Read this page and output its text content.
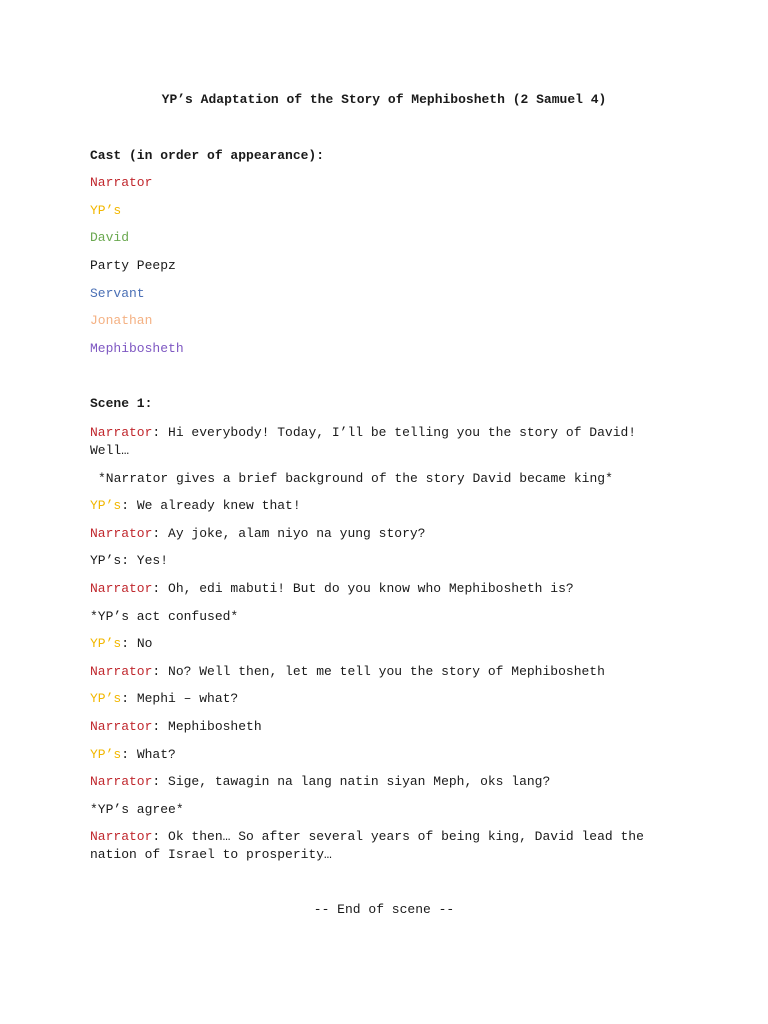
YP’s Adaptation of the Story of Mephibosheth (2 Samuel 4)
Cast (in order of appearance):
Narrator
YP’s
David
Party Peepz
Servant
Jonathan
Mephibosheth
Scene 1:
Narrator: Hi everybody! Today, I’ll be telling you the story of David! Well…
*Narrator gives a brief background of the story David became king*
YP’s: We already knew that!
Narrator: Ay joke, alam niyo na yung story?
YP’s: Yes!
Narrator: Oh, edi mabuti! But do you know who Mephibosheth is?
*YP’s act confused*
YP’s: No
Narrator: No? Well then, let me tell you the story of Mephibosheth
YP’s: Mephi – what?
Narrator: Mephibosheth
YP’s: What?
Narrator: Sige, tawagin na lang natin siyan Meph, oks lang?
*YP’s agree*
Narrator: Ok then… So after several years of being king, David lead the nation of Israel to prosperity…
-- End of scene --
